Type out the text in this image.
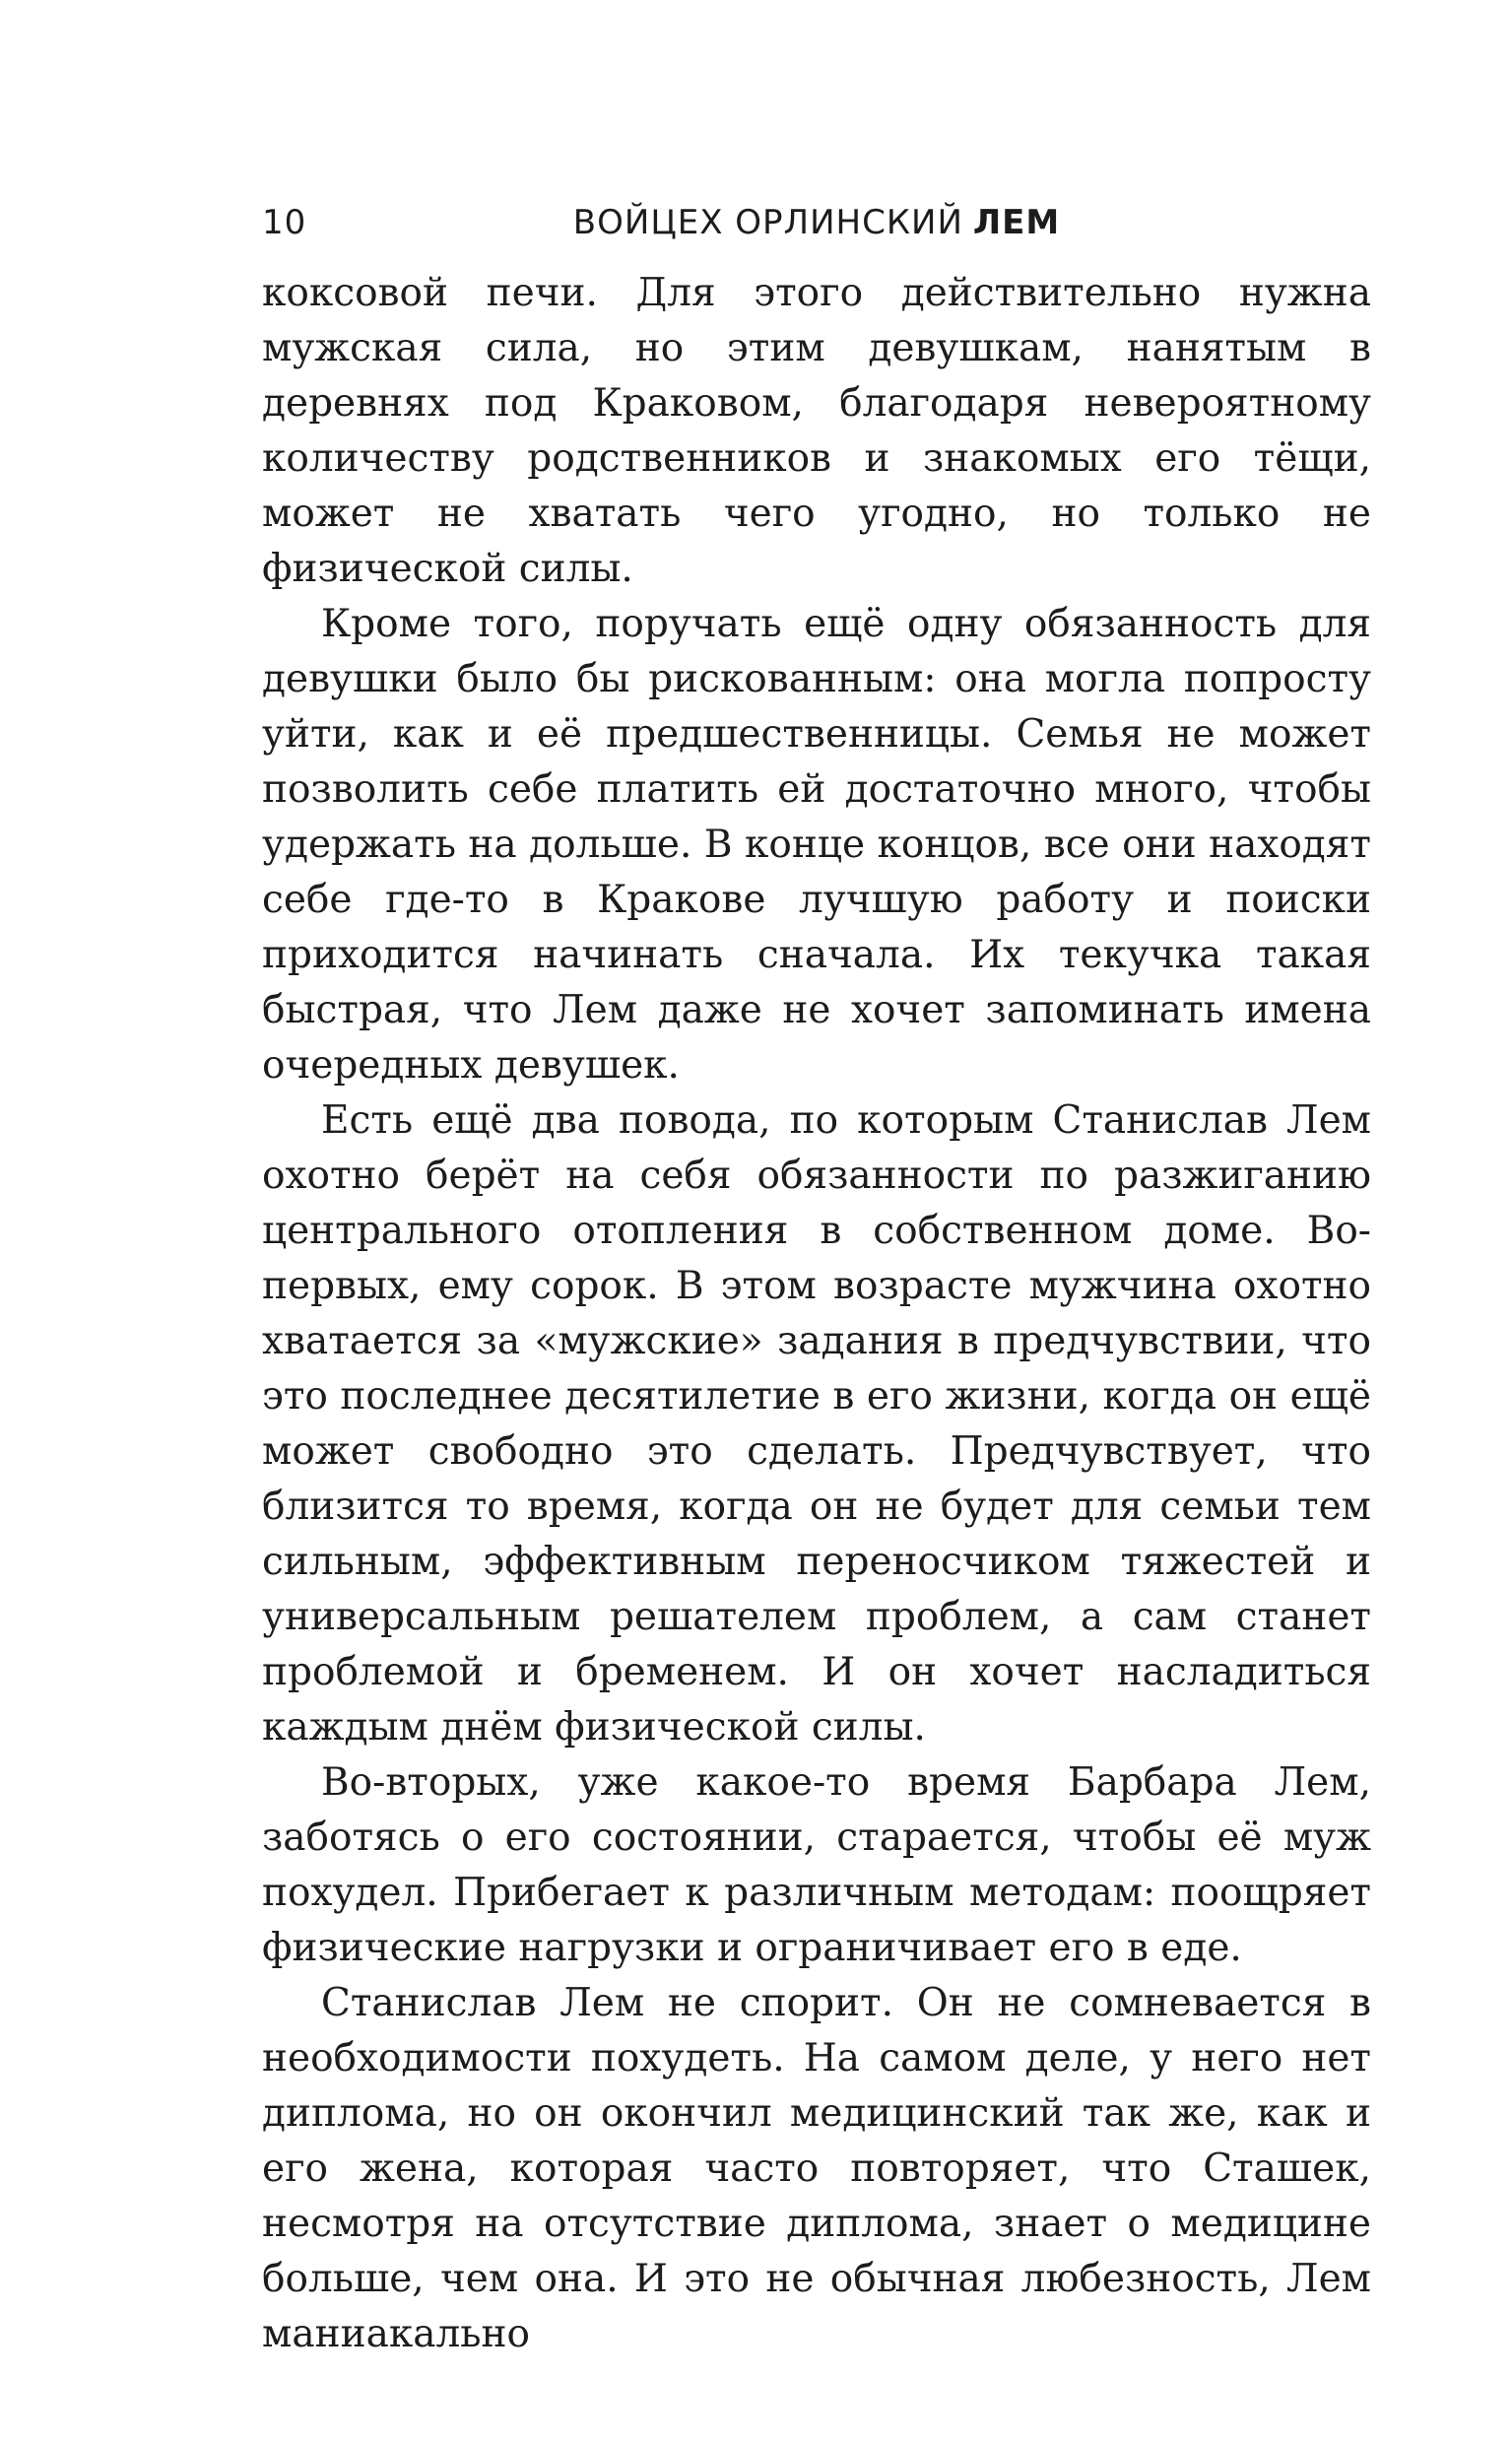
10	ВОЙЦЕХ ОРЛИНСКИЙ ЛЕМ

коксовой печи. Для этого действительно нужна мужская сила, но этим девушкам, нанятым в деревнях под Краковом, благодаря невероятному количеству родственников и знакомых его тёщи, может не хватать чего угодно, но только не физической силы.

Кроме того, поручать ещё одну обязанность для девушки было бы рискованным: она могла попросту уйти, как и её предшественницы. Семья не может позволить себе платить ей достаточно много, чтобы удержать на дольше. В конце концов, все они находят себе где-то в Кракове лучшую работу и поиски приходится начинать сначала. Их текучка такая быстрая, что Лем даже не хочет запоминать имена очередных девушек.

Есть ещё два повода, по которым Станислав Лем охотно берёт на себя обязанности по разжиганию центрального отопления в собственном доме. Во-первых, ему сорок. В этом возрасте мужчина охотно хватается за «мужские» задания в предчувствии, что это последнее десятилетие в его жизни, когда он ещё может свободно это сделать. Предчувствует, что близится то время, когда он не будет для семьи тем сильным, эффективным переносчиком тяжестей и универсальным решателем проблем, а сам станет проблемой и бременем. И он хочет насладиться каждым днём физической силы.

Во-вторых, уже какое-то время Барбара Лем, заботясь о его состоянии, старается, чтобы её муж похудел. Прибегает к различным методам: поощряет физические нагрузки и ограничивает его в еде.

Станислав Лем не спорит. Он не сомневается в необходимости похудеть. На самом деле, у него нет диплома, но он окончил медицинский так же, как и его жена, которая часто повторяет, что Сташек, несмотря на отсутствие диплома, знает о медицине больше, чем она. И это не обычная любезность, Лем маниакально
